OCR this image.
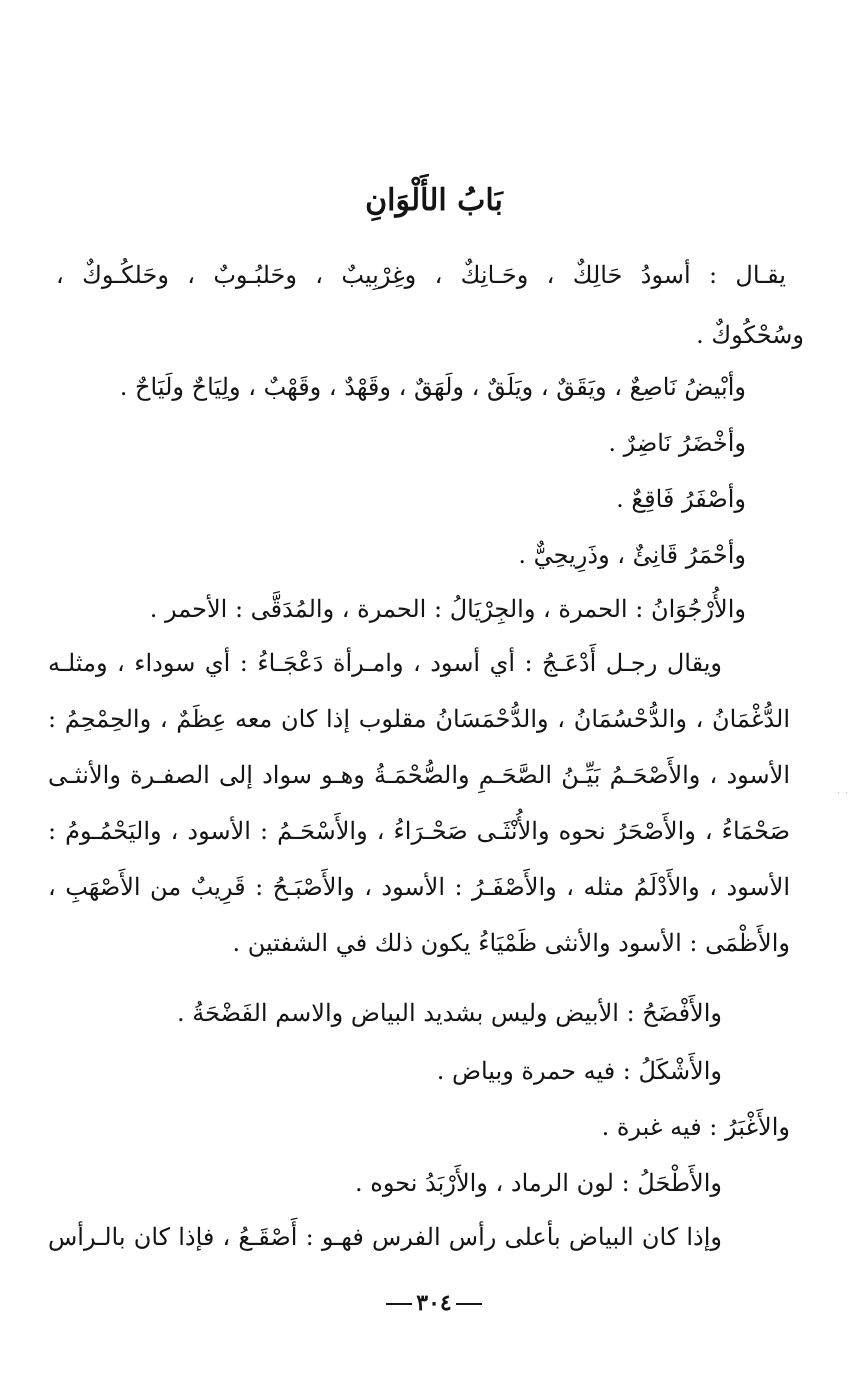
بَابُ الأَلْوَانِ

يقـال : أسودُ حَالِكٌ ، وحَـانِكٌ ، وغِرْبِيبٌ ، وحَلبُـوبٌ ، وحَلكُـوكٌ ،

وسُحْكُوكٌ .

وأبْيضُ نَاصِعٌ ، ويَقَقٌ ، ويَلَقٌ ، ولَهَقٌ ، وقَهْدٌ ، وقَهْبٌ ، ولِيَاحٌ ولَيَاحٌ .

وأخْضَرُ نَاضِرٌ .

وأصْفَرُ فَاقِعٌ .

وأحْمَرُ قَانِئٌ ، وذَرِيحِيٌّ .

والأُرْجُوَانُ : الحمرة ، والجِرْيَالُ : الحمرة ، والمُدَقَّى : الأحمر .

ويقال رجـل أَدْعَـجُ : أي أسود ، وامـرأة دَعْجَـاءُ : أي سوداء ، ومثلـه

الدُّغْمَانُ ، والدُّحْسُمَانُ ، والدُّحْمَسَانُ مقلوب إذا كان معه عِظَمٌ ، والحِمْحِمُ :

الأسود ، والأَصْحَـمُ بَيِّـنُ الصَّحَـمِ والصُّحْمَـةُ وهـو سواد إلى الصفـرة والأنثـى

صَحْمَاءُ ، والأَصْحَرُ نحوه والأُنْثَـى صَحْـرَاءُ ، والأَسْحَـمُ : الأسود ، واليَحْمُـومُ :

الأسود ، والأَدْلَمُ مثله ، والأَصْفَـرُ : الأسود ، والأَصْبَـحُ : قَرِيبٌ من الأَصْهَبِ ،

والأَظْمَى : الأسود والأنثى ظَمْيَاءُ يكون ذلك في الشفتين .

والأَفْضَحُ : الأبيض وليس بشديد البياض والاسم الفَضْحَةُ .

والأَشْكَلُ : فيه حمرة وبياض .

والأَغْبَرُ : فيه غبرة .

والأَطْحَلُ : لون الرماد ، والأَرْبَدُ نحوه .

وإذا كان البياض بأعلى رأس الفرس فهـو : أَصْقَـعُ ، فإذا كان بالـرأس

٣٠٤
